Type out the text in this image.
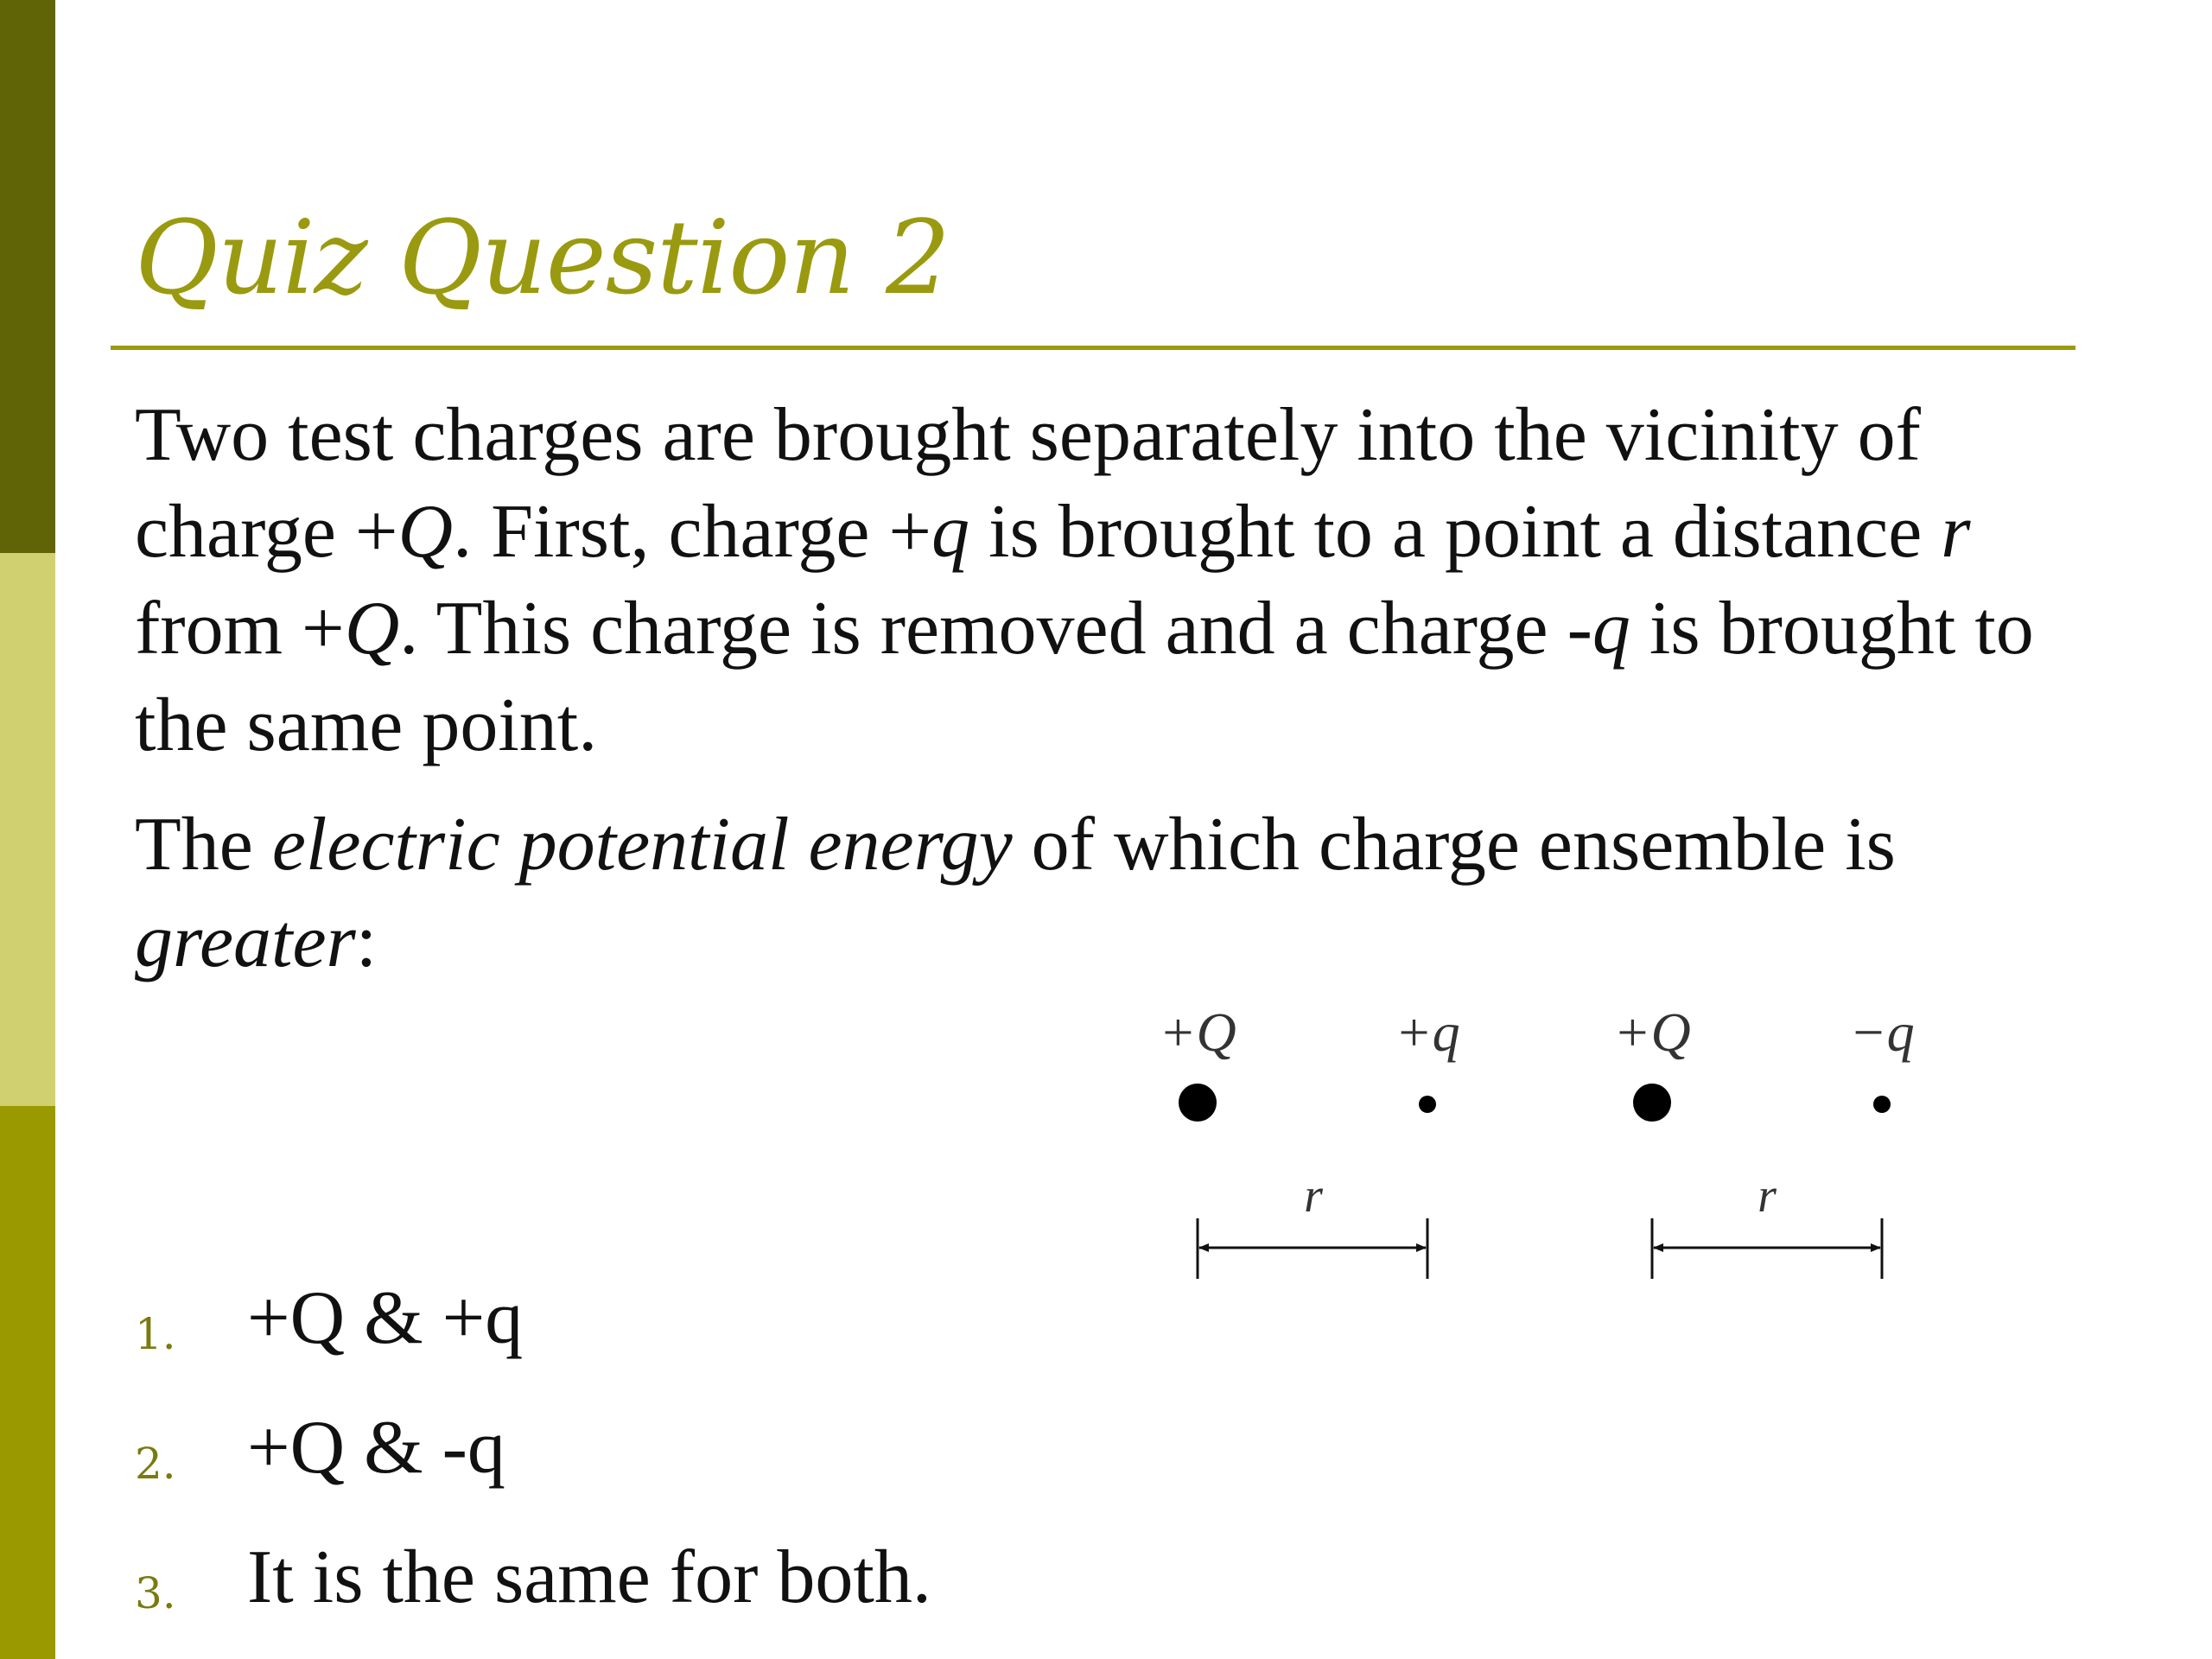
Quiz Question 2

Two test charges are brought separately into the vicinity of charge +Q. First, charge +q is brought to a point a distance r from +Q. This charge is removed and a charge -q is brought to the same point.

The electric potential energy of which charge ensemble is greater:

+Q	+q
r
+Q	−q
r
1. +Q & +q
2. +Q & -q
3. It is the same for both.
